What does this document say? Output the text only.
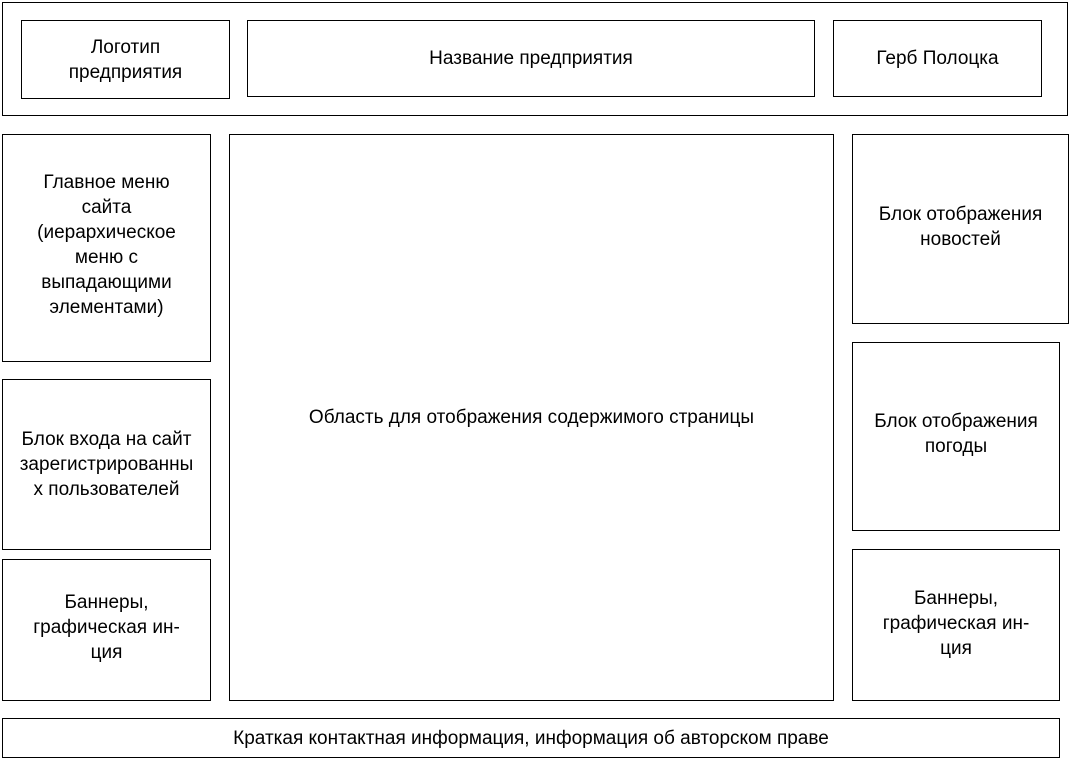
Логотип
предприятия
Название предприятия	Герб Полоцка
Главное меню
сайта
(иерархическое
меню с
выпадающими
элементами)
Блок входа на сайт
зарегистрированны
х пользователей
Баннеры,
графическая ин-
ция
Область для отображения содержимого страницы
Блок отображения
новостей
Блок отображения
погоды
Баннеры,
графическая ин-
ция
Краткая контактная информация, информация об авторском праве
